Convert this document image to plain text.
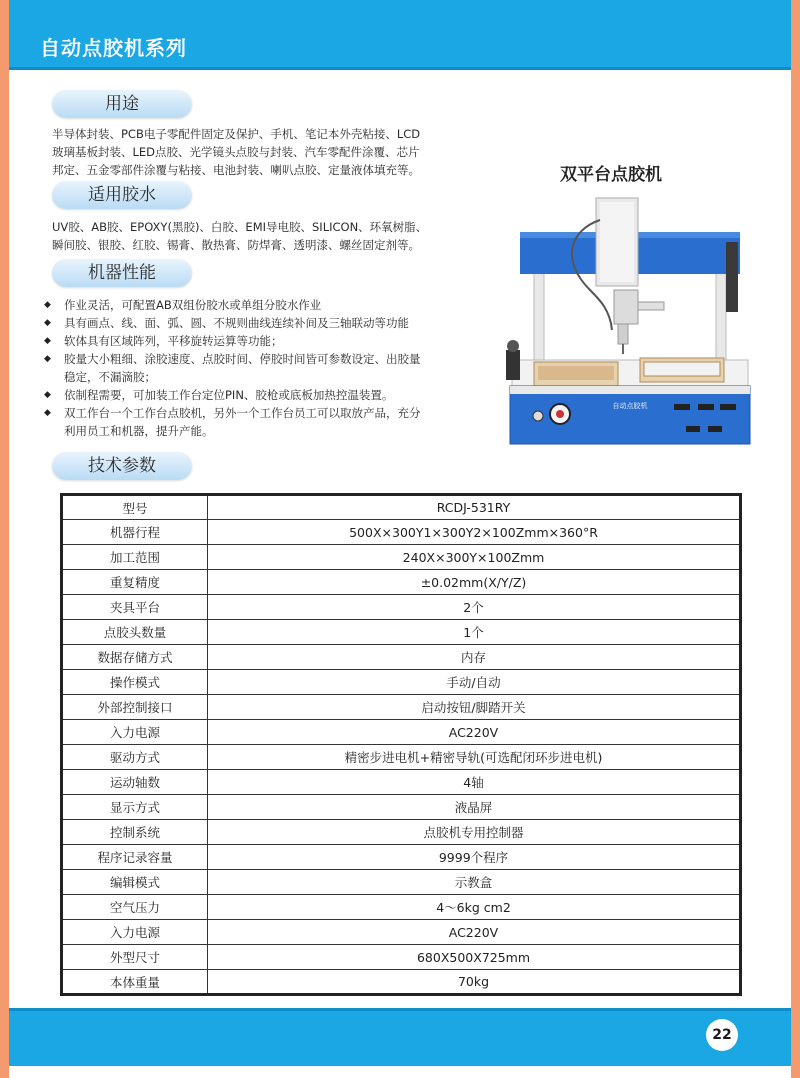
自动点胶机系列
用途
半导体封装、PCB电子零配件固定及保护、手机、笔记本外壳粘接、LCD
玻璃基板封装、LED点胶、光学镜头点胶与封装、汽车零配件涂覆、芯片
邦定、五金零部件涂覆与粘接、电池封装、喇叭点胶、定量液体填充等。
适用胶水
UV胶、AB胶、EPOXY(黑胶)、白胶、EMI导电胶、SILICON、环氧树脂、
瞬间胶、银胶、红胶、锡膏、散热膏、防焊膏、透明漆、螺丝固定剂等。
机器性能
◆ 作业灵活，可配置AB双组份胶水或单组分胶水作业
◆ 具有画点、线、面、弧、圆、不规则曲线连续补间及三轴联动等功能
◆ 软体具有区域阵列，平移旋转运算等功能；
◆ 胶量大小粗细、涂胶速度、点胶时间、停胶时间皆可参数设定、出胶量
稳定，不漏滴胶；
◆ 依制程需要，可加装工作台定位PIN、胶枪或底板加热控温装置。
◆ 双工作台一个工作台点胶机，另外一个工作台员工可以取放产品，充分
利用员工和机器，提升产能。
技术参数
双平台点胶机
自动点胶机
型号	RCDJ-531RY
机器行程	500X×300Y1×300Y2×100Zmm×360°R
加工范围	240X×300Y×100Zmm
重复精度	±0.02mm(X/Y/Z)
夹具平台	2个
点胶头数量	1个
数据存储方式	内存
操作模式	手动/自动
外部控制接口	启动按钮/脚踏开关
入力电源	AC220V
驱动方式	精密步进电机+精密导轨(可选配闭环步进电机)
运动轴数	4轴
显示方式	液晶屏
控制系统	点胶机专用控制器
程序记录容量	9999个程序
编辑模式	示教盒
空气压力	4～6kg cm2
入力电源	AC220V
外型尺寸	680X500X725mm
本体重量	70kg
22
